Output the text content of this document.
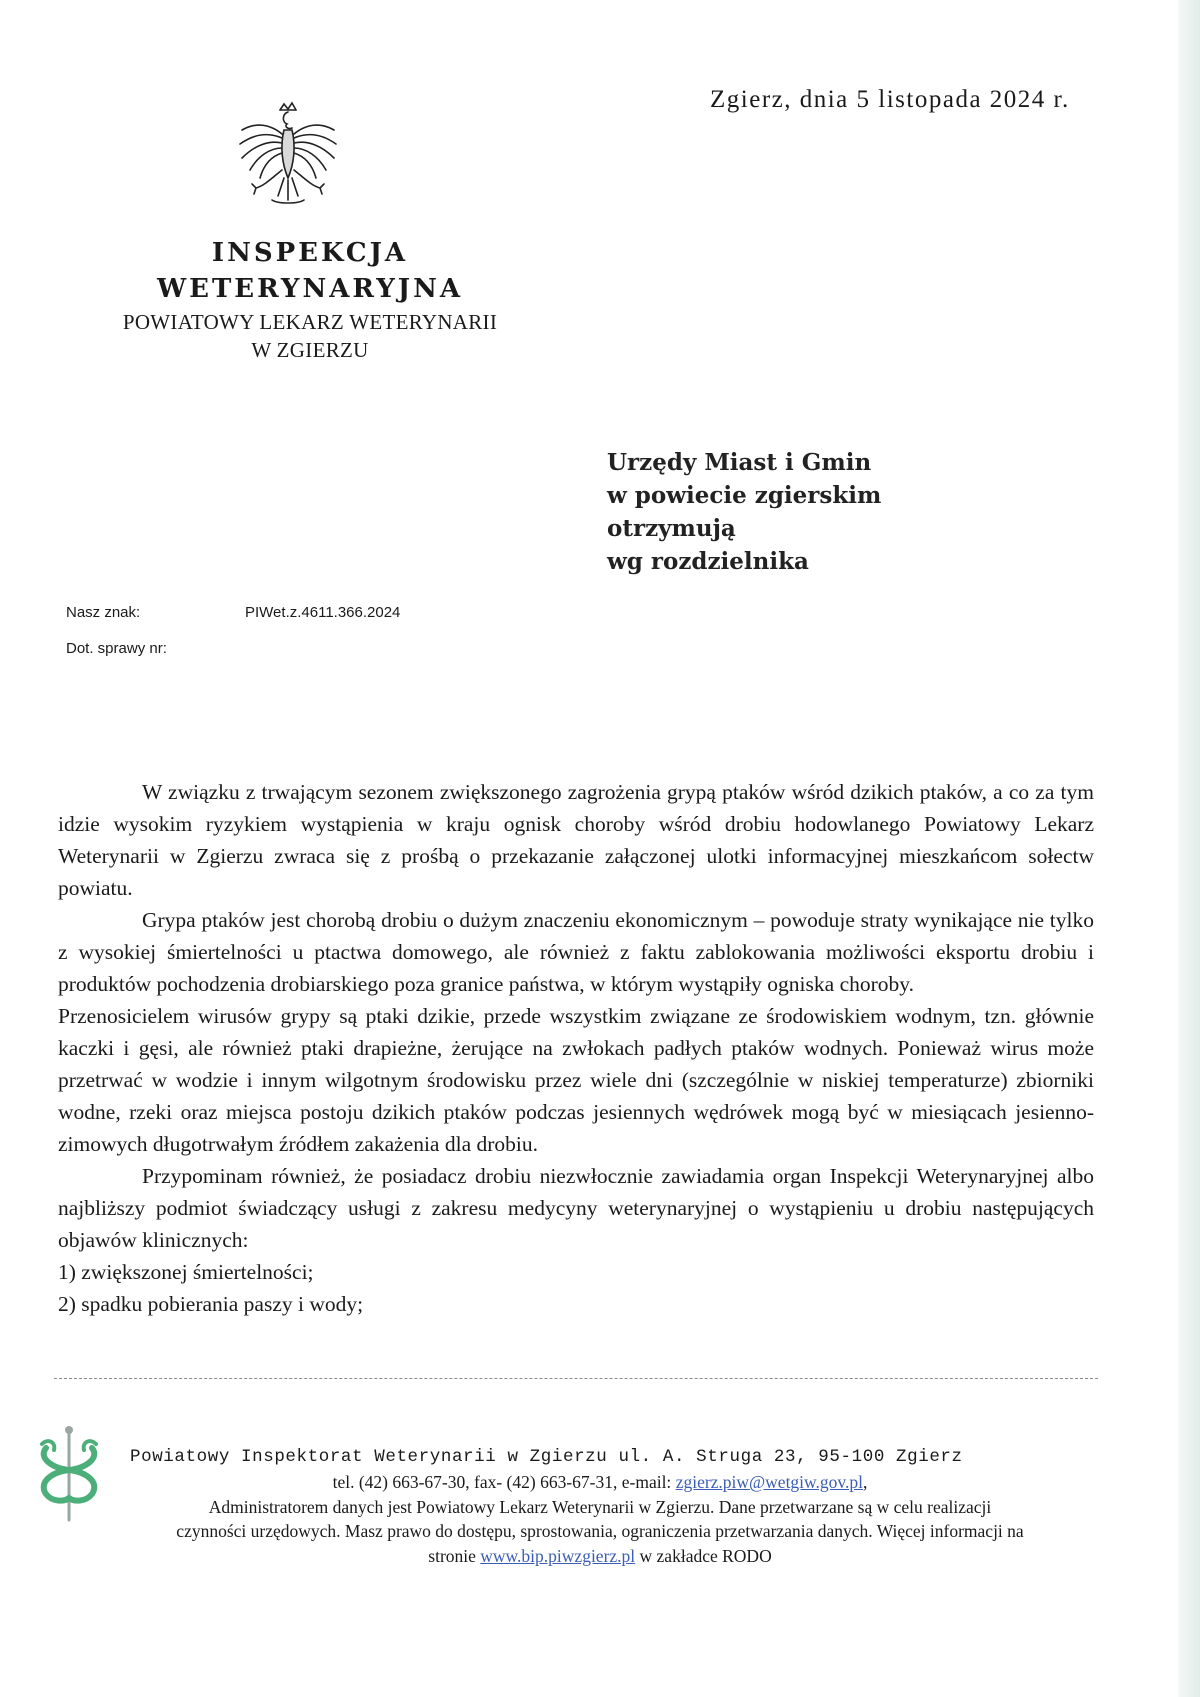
Zgierz, dnia 5 listopada 2024 r.
INSPEKCJA
WETERYNARYJNA
POWIATOWY LEKARZ WETERYNARII
W ZGIERZU
Urzędy Miast i Gmin
w powiecie zgierskim
otrzymują
wg rozdzielnika
Nasz znak:	PIWet.z.4611.366.2024
Dot. sprawy nr:

W związku z trwającym sezonem zwiększonego zagrożenia grypą ptaków wśród dzikich ptaków, a co za tym idzie wysokim ryzykiem wystąpienia w kraju ognisk choroby wśród drobiu hodowlanego Powiatowy Lekarz Weterynarii w Zgierzu zwraca się z prośbą o przekazanie załączonej ulotki informacyjnej mieszkańcom sołectw powiatu.

Grypa ptaków jest chorobą drobiu o dużym znaczeniu ekonomicznym – powoduje straty wynikające nie tylko z wysokiej śmiertelności u ptactwa domowego, ale również z faktu zablokowania możliwości eksportu drobiu i produktów pochodzenia drobiarskiego poza granice państwa, w którym wystąpiły ogniska choroby.

Przenosicielem wirusów grypy są ptaki dzikie, przede wszystkim związane ze środowiskiem wodnym, tzn. głównie kaczki i gęsi, ale również ptaki drapieżne, żerujące na zwłokach padłych ptaków wodnych. Ponieważ wirus może przetrwać w wodzie i innym wilgotnym środowisku przez wiele dni (szczególnie w niskiej temperaturze) zbiorniki wodne, rzeki oraz miejsca postoju dzikich ptaków podczas jesiennych wędrówek mogą być w miesiącach jesienno-zimowych długotrwałym źródłem zakażenia dla drobiu.

Przypominam również, że posiadacz drobiu niezwłocznie zawiadamia organ Inspekcji Weterynaryjnej albo najbliższy podmiot świadczący usługi z zakresu medycyny weterynaryjnej o wystąpieniu u drobiu następujących objawów klinicznych:

1) zwiększonej śmiertelności;

2) spadku pobierania paszy i wody;

Powiatowy Inspektorat Weterynarii w Zgierzu ul. A. Struga 23, 95-100 Zgierz
tel. (42) 663-67-30, fax- (42) 663-67-31, e-mail: zgierz.piw@wetgiw.gov.pl,
Administratorem danych jest Powiatowy Lekarz Weterynarii w Zgierzu. Dane przetwarzane są w celu realizacji
czynności urzędowych. Masz prawo do dostępu, sprostowania, ograniczenia przetwarzania danych. Więcej informacji na
stronie www.bip.piwzgierz.pl w zakładce RODO
